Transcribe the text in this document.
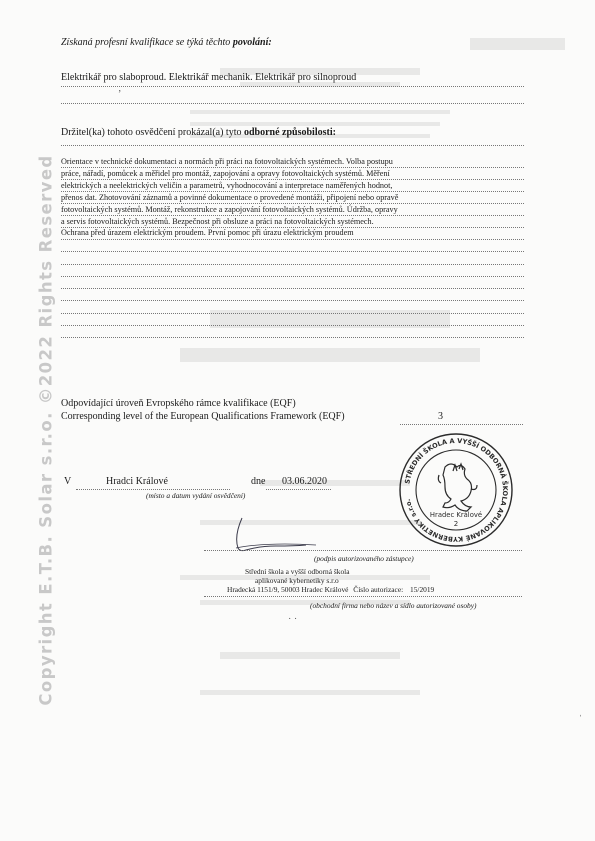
Copyright E.T.B. Solar s.r.o. ©2022 Rights Reserved
Získaná profesní kvalifikace se týká těchto povolání:
Elektrikář pro slaboproud. Elektrikář mechanik. Elektrikář pro silnoproud
Držitel(ka) tohoto osvědčení prokázal(a) tyto odborné způsobilosti:
Orientace v technické dokumentaci a normách při práci na fotovoltaických systémech. Volba postupu
práce, nářadí, pomůcek a měřidel pro montáž, zapojování a opravy fotovoltaických systémů. Měření
elektrických a neelektrických veličin a parametrů, vyhodnocování a interpretace naměřených hodnot,
přenos dat. Zhotovování záznamů a povinné dokumentace o provedené montáži, připojení nebo opravě
fotovoltaických systémů. Montáž, rekonstrukce a zapojování fotovoltaických systémů. Údržba, opravy
a servis fotovoltaických systémů. Bezpečnost při obsluze a práci na fotovoltaických systémech.
Ochrana před úrazem elektrickým proudem. První pomoc při úrazu elektrickým proudem
Odpovídající úroveň Evropského rámce kvalifikace (EQF)
Corresponding level of the European Qualifications Framework (EQF)	3
V	Hradci Králové	dne 03.06.2020
(místo a datum vydání osvědčení)
STŘEDNÍ ŠKOLA A VYŠŠÍ ODBORNÁ ŠKOLA APLIKOVANÉ KYBERNETIKY s.r.o.
Hradec Králové
2
(podpis autorizovaného zástupce)
Střední škola a vyšší odborná škola
aplikované kybernetiky s.r.o
Hradecká 1151/9, 50003 Hradec Králové Číslo autorizace: 15/2019
(obchodní firma nebo název a sídlo autorizované osoby)
ʼ
˙ ˙
ˈ
